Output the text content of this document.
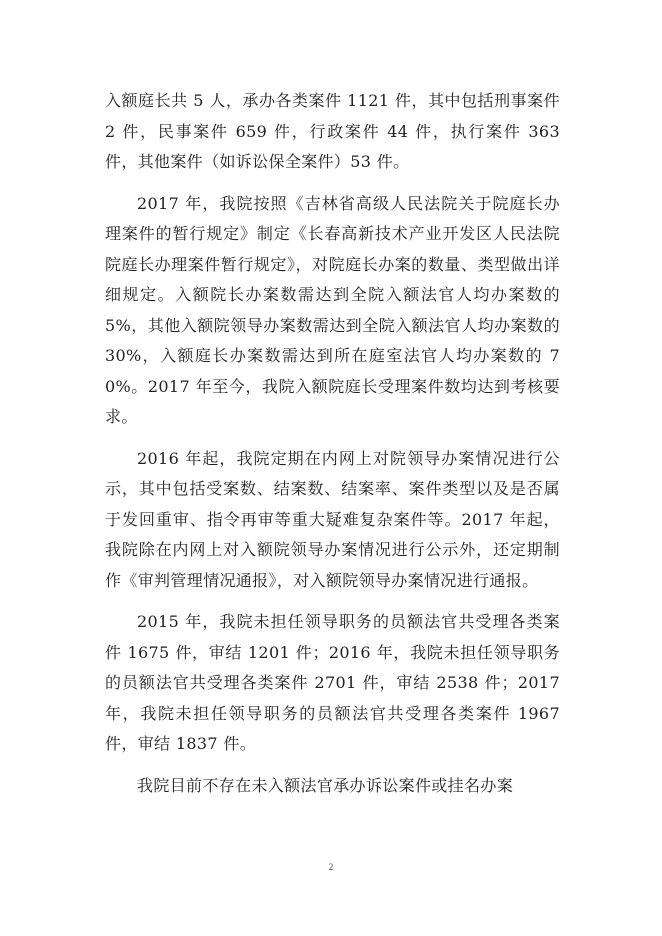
入额庭长共 5 人，承办各类案件 1121 件，其中包括刑事案件 2 件，民事案件 659 件，行政案件 44 件，执行案件 363 件，其他案件（如诉讼保全案件）53 件。

2017 年，我院按照《吉林省高级人民法院关于院庭长办理案件的暂行规定》制定《长春高新技术产业开发区人民法院院庭长办理案件暂行规定》，对院庭长办案的数量、类型做出详细规定。入额院长办案数需达到全院入额法官人均办案数的 5%，其他入额院领导办案数需达到全院入额法官人均办案数的 30%，入额庭长办案数需达到所在庭室法官人均办案数的 70%。2017 年至今，我院入额院庭长受理案件数均达到考核要求。

2016 年起，我院定期在内网上对院领导办案情况进行公示，其中包括受案数、结案数、结案率、案件类型以及是否属于发回重审、指令再审等重大疑难复杂案件等。2017 年起，我院除在内网上对入额院领导办案情况进行公示外，还定期制作《审判管理情况通报》，对入额院领导办案情况进行通报。

2015 年，我院未担任领导职务的员额法官共受理各类案件 1675 件，审结 1201 件；2016 年，我院未担任领导职务的员额法官共受理各类案件 2701 件，审结 2538 件；2017 年，我院未担任领导职务的员额法官共受理各类案件 1967 件，审结 1837 件。

我院目前不存在未入额法官承办诉讼案件或挂名办案

2
